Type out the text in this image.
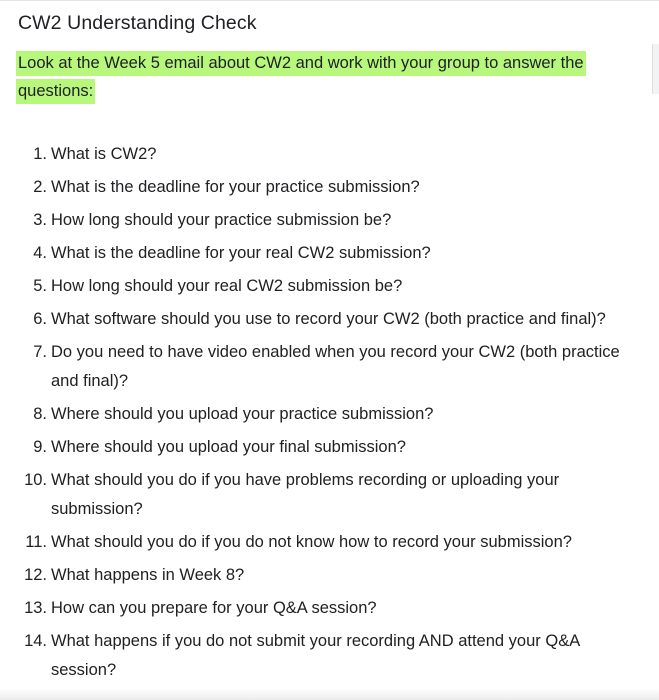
CW2 Understanding Check

Look at the Week 5 email about CW2 and work with your group to answer the questions:

1. What is CW2?
2. What is the deadline for your practice submission?
3. How long should your practice submission be?
4. What is the deadline for your real CW2 submission?
5. How long should your real CW2 submission be?
6. What software should you use to record your CW2 (both practice and final)?
7. Do you need to have video enabled when you record your CW2 (both practice and final)?
8. Where should you upload your practice submission?
9. Where should you upload your final submission?
10. What should you do if you have problems recording or uploading your submission?
11. What should you do if you do not know how to record your submission?
12. What happens in Week 8?
13. How can you prepare for your Q&A session?
14. What happens if you do not submit your recording AND attend your Q&A session?
